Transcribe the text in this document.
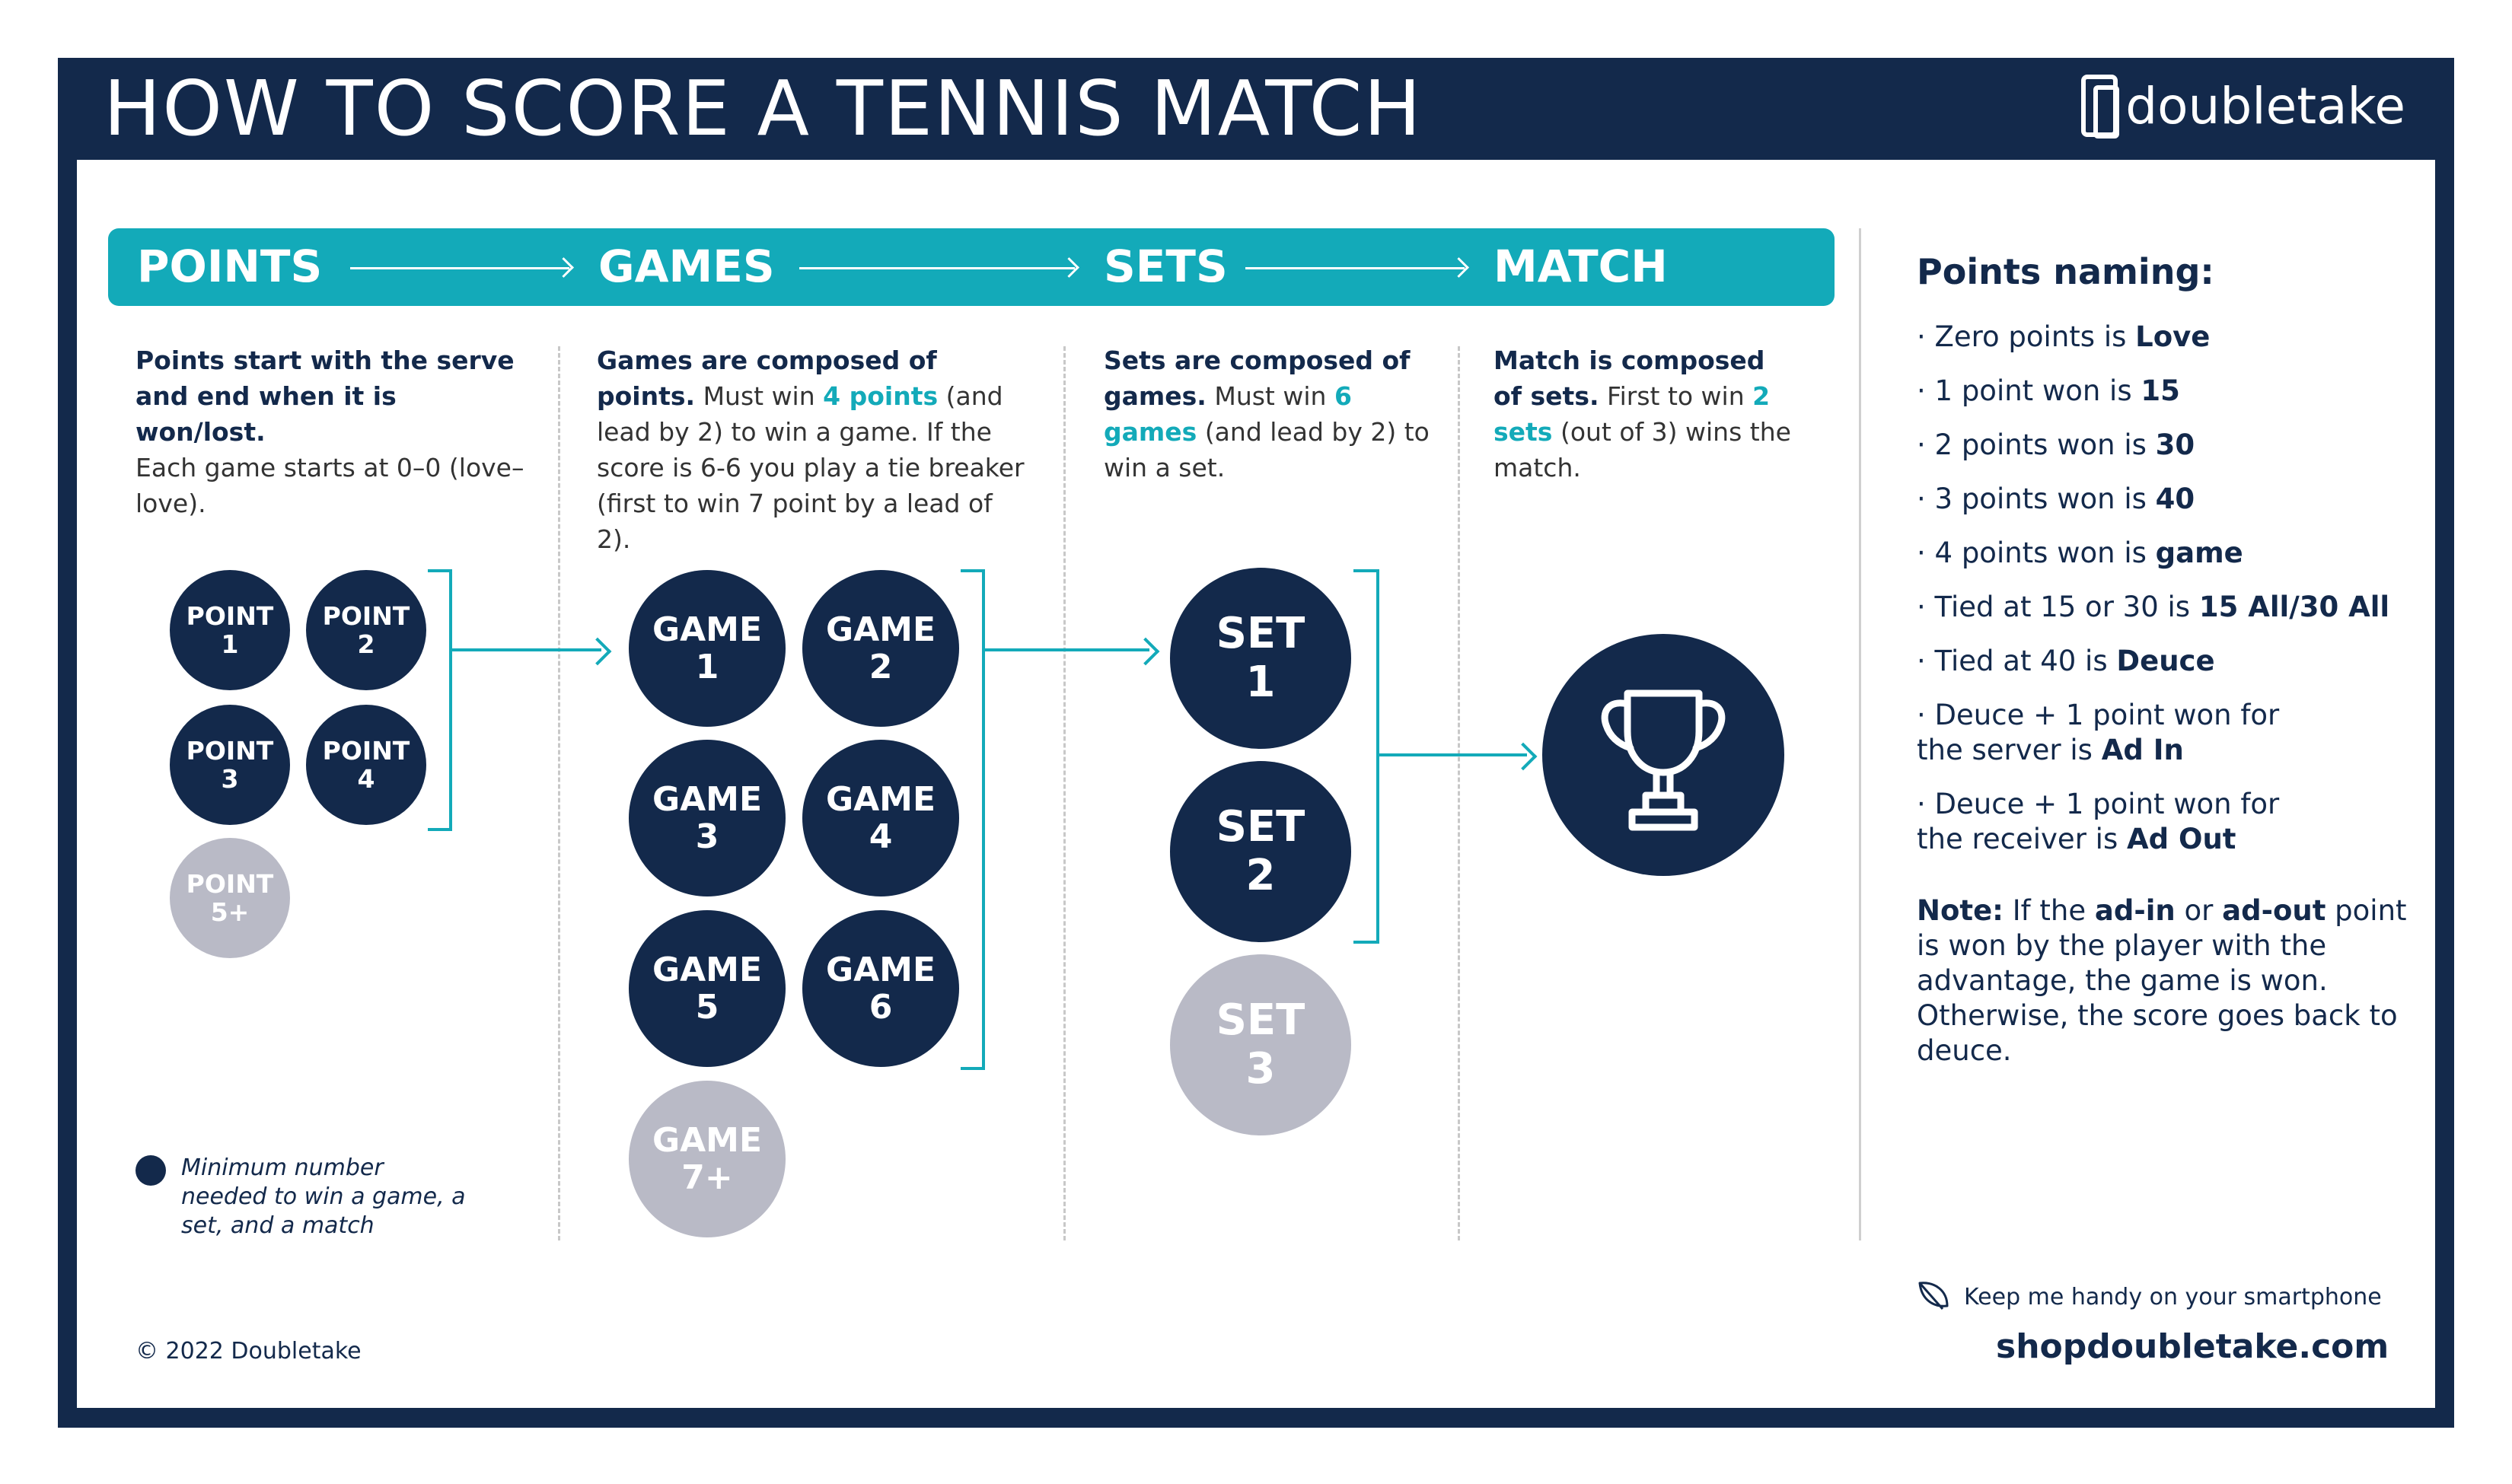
HOW TO SCORE A TENNIS MATCH	doubletake
POINTS	GAMES	SETS	MATCH
Points start with the serve and end when it is won/lost.
Each game starts at 0–0 (love–love).
Games are composed of points. Must win 4 points (and lead by 2) to win a game. If the score is 6-6 you play a tie breaker (first to win 7 point by a lead of 2).
Sets are composed of games. Must win 6 games (and lead by 2) to win a set.
Match is composed of sets. First to win 2 sets (out of 3) wins the match.
POINT
1
POINT
2
POINT
3
POINT
4
POINT
5+
GAME
1
GAME
2
GAME
3
GAME
4
GAME
5
GAME
6
GAME
7+
SET
1
SET
2
SET
3
Minimum number needed to win a game, a set, and a match
© 2022 Doubletake
Points naming:
· Zero points is Love
· 1 point won is 15
· 2 points won is 30
· 3 points won is 40
· 4 points won is game
· Tied at 15 or 30 is 15 All/30 All
· Tied at 40 is Deuce
· Deuce + 1 point won for the server is Ad In
· Deuce + 1 point won for the receiver is Ad Out
Note: If the ad-in or ad-out point is won by the player with the advantage, the game is won. Otherwise, the score goes back to deuce.
Keep me handy on your smartphone
shopdoubletake.com
